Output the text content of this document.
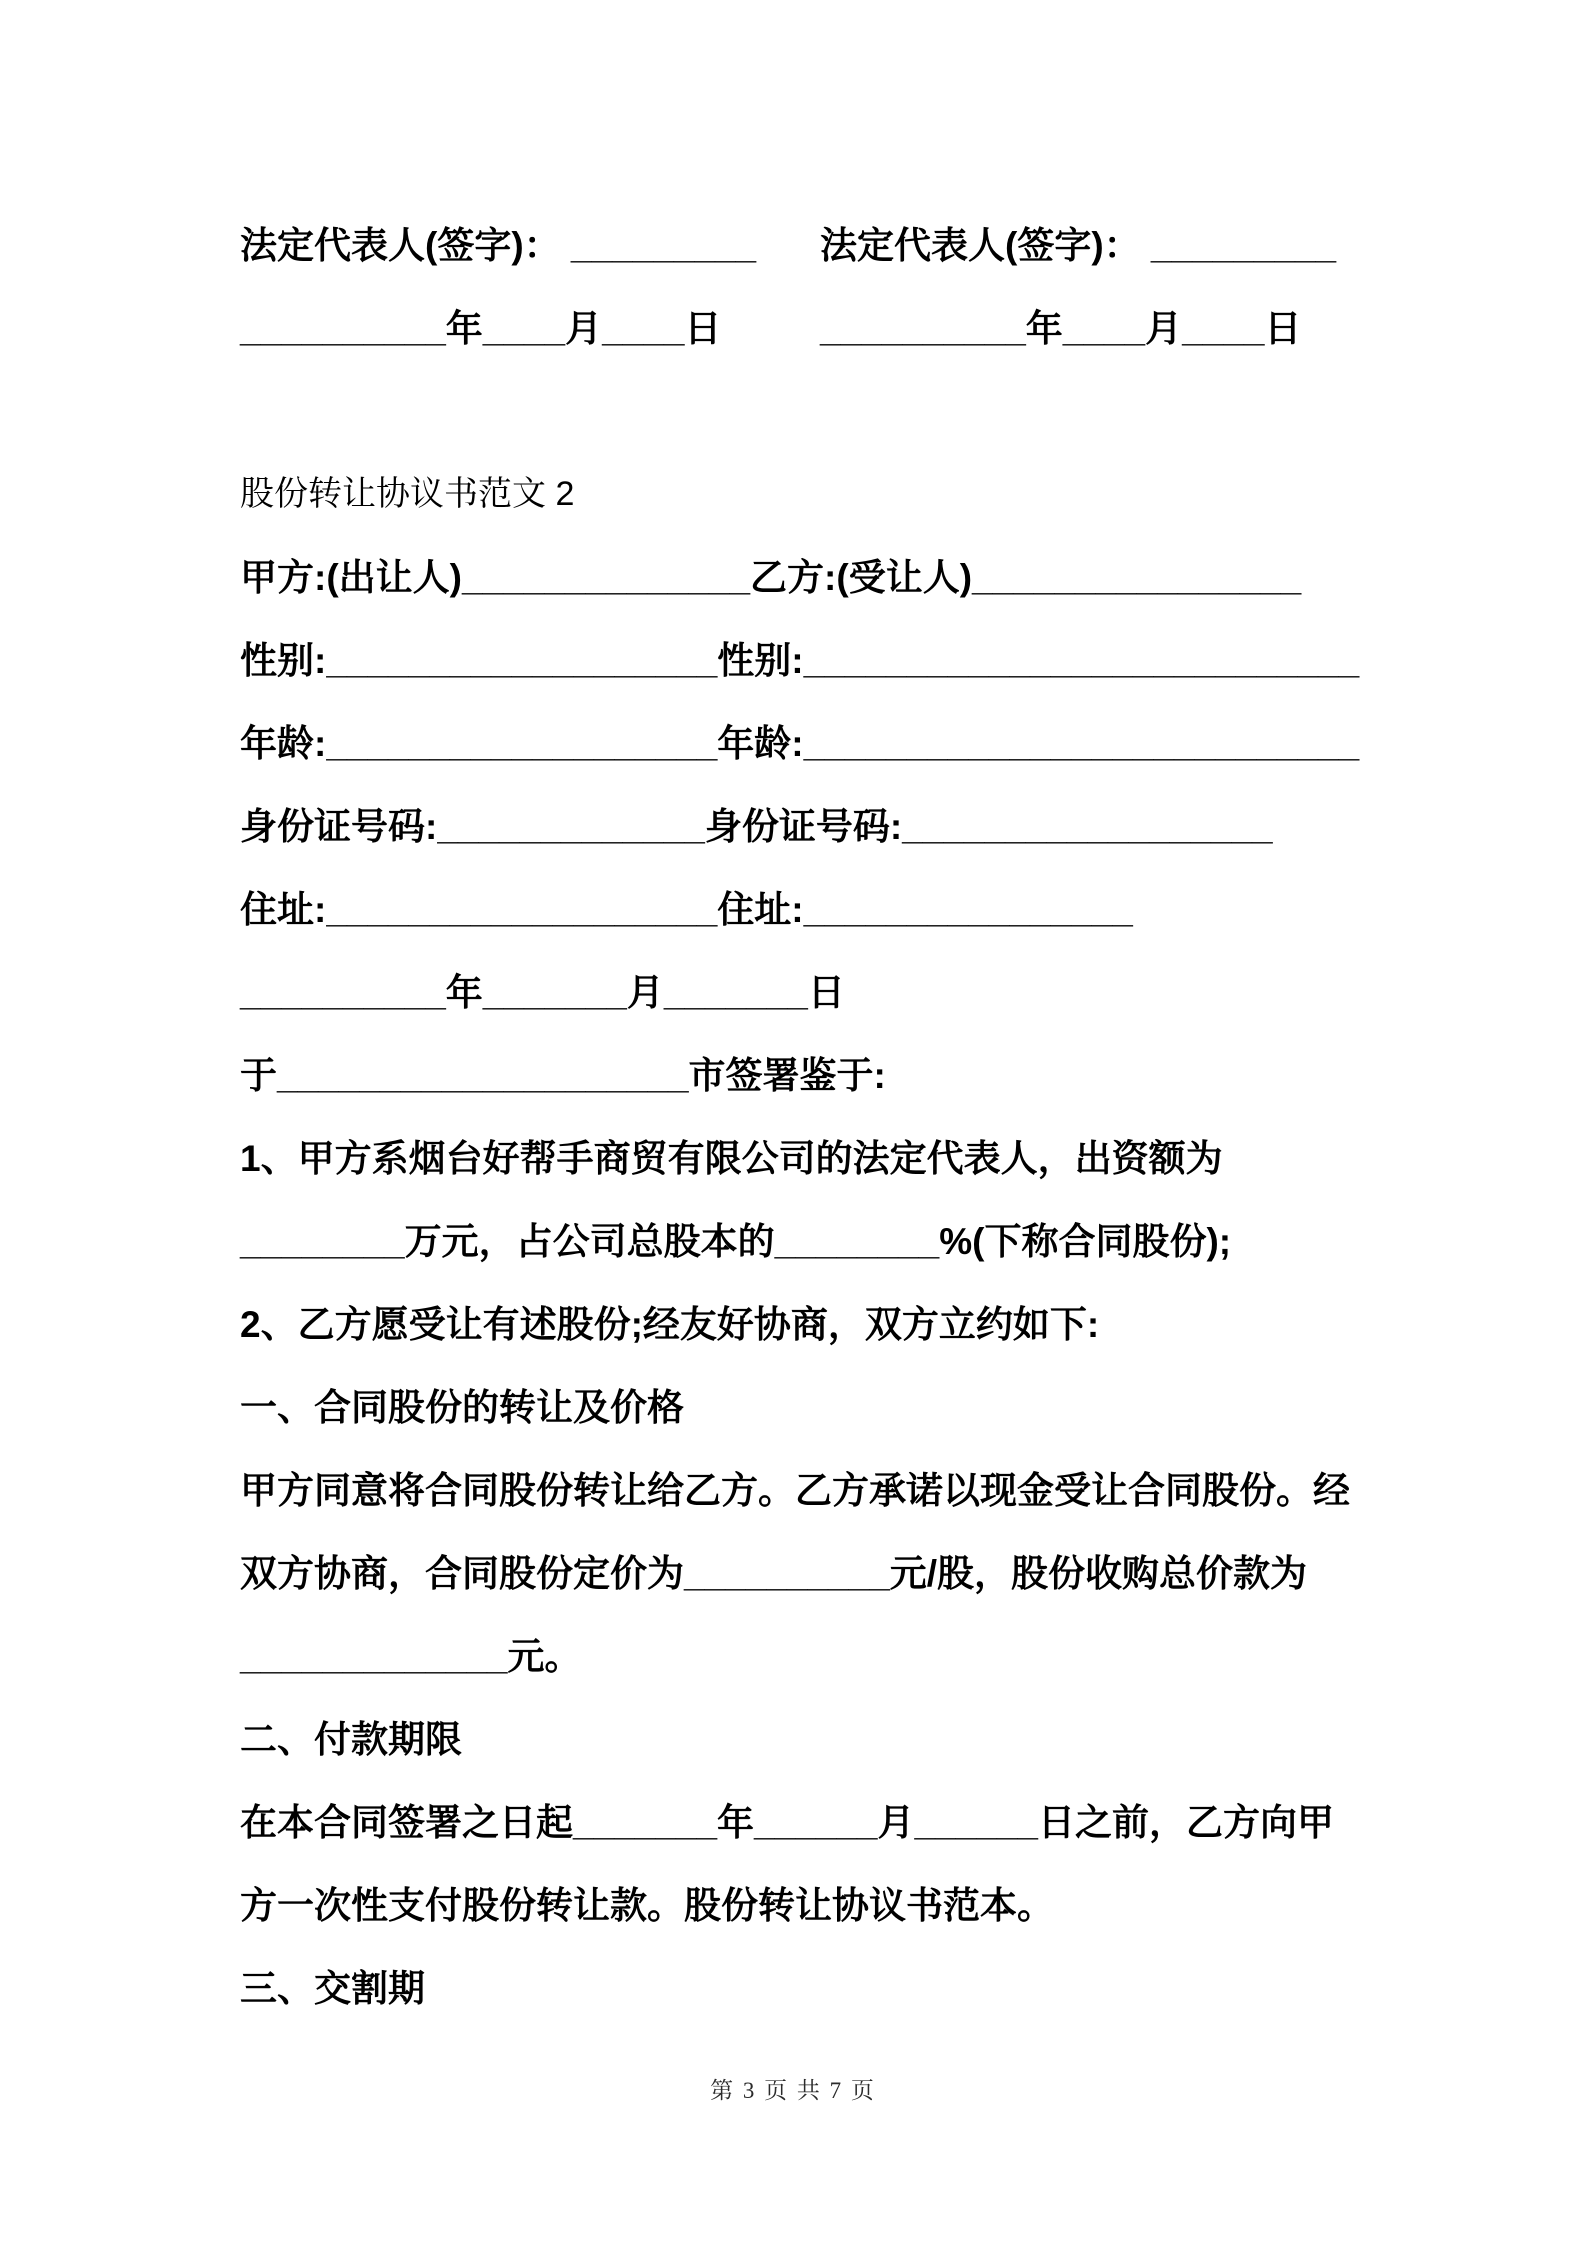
法定代表人(签字)： _________	法定代表人(签字)： _________

__________年____月____日	__________年____月____日

股份转让协议书范文 2

甲方:(出让人)______________乙方:(受让人)________________

性别:___________________性别:___________________________

年龄:___________________年龄:___________________________

身份证号码:_____________身份证号码:__________________

住址:___________________住址:________________

__________年_______月_______日

于____________________市签署鉴于:

1、甲方系烟台好帮手商贸有限公司的法定代表人，出资额为

________万元，占公司总股本的________%(下称合同股份);

2、乙方愿受让有述股份;经友好协商，双方立约如下:

一、合同股份的转让及价格

甲方同意将合同股份转让给乙方。乙方承诺以现金受让合同股份。经

双方协商，合同股份定价为__________元/股，股份收购总价款为

_____________元。

二、付款期限

在本合同签署之日起_______年______月______日之前，乙方向甲

方一次性支付股份转让款。股份转让协议书范本。

三、交割期

第 3 页 共 7 页
